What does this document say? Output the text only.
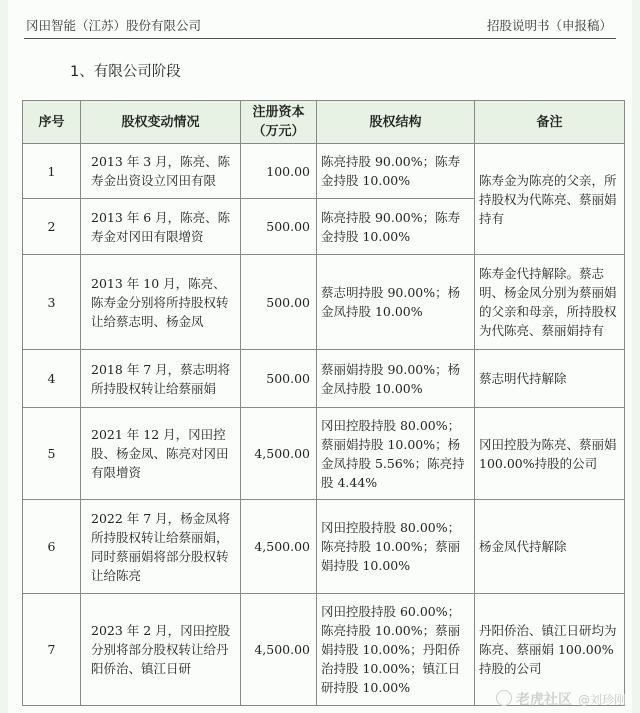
冈田智能（江苏）股份有限公司	招股说明书（申报稿）
1、有限公司阶段
序号	股权变动情况	注册资本（万元）	股权结构	备注
1	2013 年 3 月，陈亮、陈寿金出资设立冈田有限	100.00	陈亮持股 90.00%；陈寿金持股 10.00%	陈寿金为陈亮的父亲，所持股权为代陈亮、蔡丽娟持有
2	2013 年 6 月，陈亮、陈寿金对冈田有限增资	500.00	陈亮持股 90.00%；陈寿金持股 10.00%	
3	2013 年 10 月，陈亮、陈寿金分别将所持股权转让给蔡志明、杨金凤	500.00	蔡志明持股 90.00%；杨金凤持股 10.00%	陈寿金代持解除。蔡志明、杨金凤分别为蔡丽娟的父亲和母亲，所持股权为代陈亮、蔡丽娟持有
4	2018 年 7 月，蔡志明将所持股权转让给蔡丽娟	500.00	蔡丽娟持股 90.00%；杨金凤持股 10.00%	蔡志明代持解除
5	2021 年 12 月，冈田控股、杨金凤、陈亮对冈田有限增资	4,500.00	冈田控股持股 80.00%；蔡丽娟持股 10.00%；杨金凤持股 5.56%；陈亮持股 4.44%	冈田控股为陈亮、蔡丽娟 100.00%持股的公司
6	2022 年 7 月，杨金凤将所持股权转让给蔡丽娟，同时蔡丽娟将部分股权转让给陈亮	4,500.00	冈田控股持股 80.00%；陈亮持股 10.00%；蔡丽娟持股 10.00%	杨金凤代持解除
7	2023 年 2 月，冈田控股分别将部分股权转让给丹阳侨治、镇江日研	4,500.00	冈田控股持股 60.00%；陈亮持股 10.00%；蔡丽娟持股 10.00%；丹阳侨治持股 10.00%；镇江日研持股 10.00%	丹阳侨治、镇江日研均为陈亮、蔡丽娟 100.00%持股的公司
老虎社区 @刘珍刚
